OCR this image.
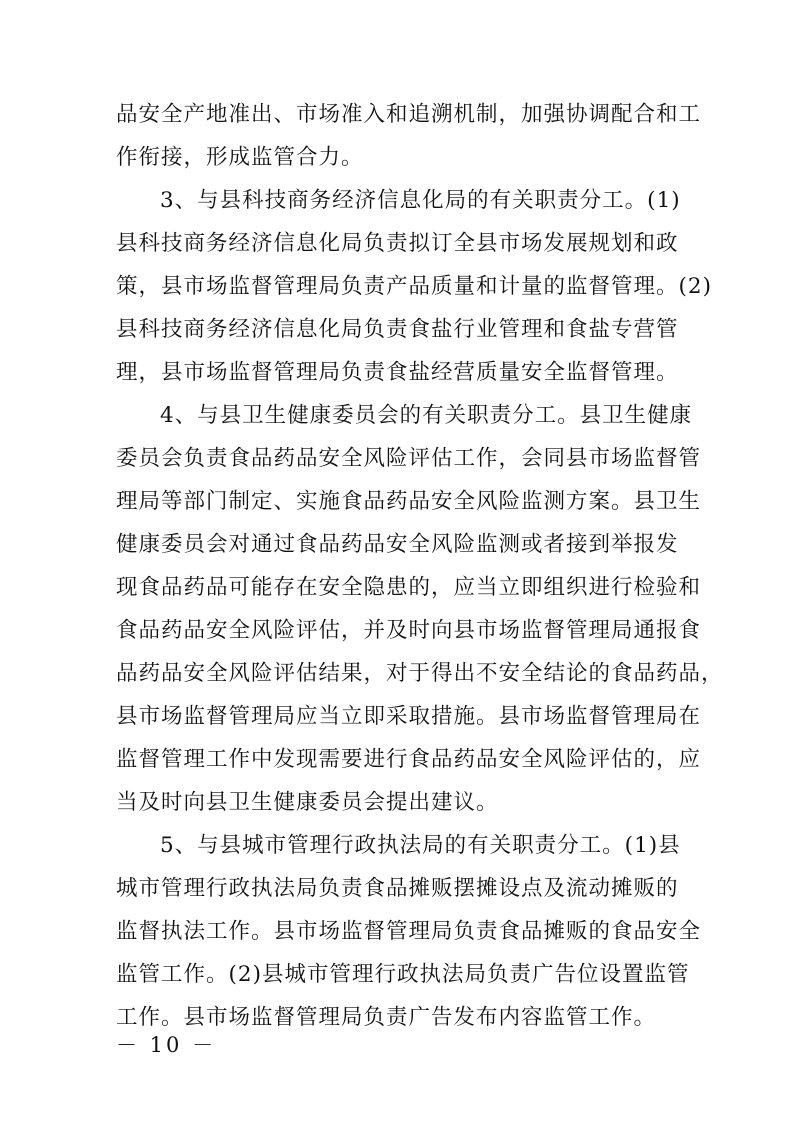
品安全产地准出、市场准入和追溯机制，加强协调配合和工

作衔接，形成监管合力。

3、与县科技商务经济信息化局的有关职责分工。(1)

县科技商务经济信息化局负责拟订全县市场发展规划和政

策，县市场监督管理局负责产品质量和计量的监督管理。(2)

县科技商务经济信息化局负责食盐行业管理和食盐专营管

理，县市场监督管理局负责食盐经营质量安全监督管理。

4、与县卫生健康委员会的有关职责分工。县卫生健康

委员会负责食品药品安全风险评估工作，会同县市场监督管

理局等部门制定、实施食品药品安全风险监测方案。县卫生

健康委员会对通过食品药品安全风险监测或者接到举报发

现食品药品可能存在安全隐患的，应当立即组织进行检验和

食品药品安全风险评估，并及时向县市场监督管理局通报食

品药品安全风险评估结果，对于得出不安全结论的食品药品，

县市场监督管理局应当立即采取措施。县市场监督管理局在

监督管理工作中发现需要进行食品药品安全风险评估的，应

当及时向县卫生健康委员会提出建议。

5、与县城市管理行政执法局的有关职责分工。(1)县

城市管理行政执法局负责食品摊贩摆摊设点及流动摊贩的

监督执法工作。县市场监督管理局负责食品摊贩的食品安全

监管工作。(2)县城市管理行政执法局负责广告位设置监管

工作。县市场监督管理局负责广告发布内容监管工作。

－ 10 －
